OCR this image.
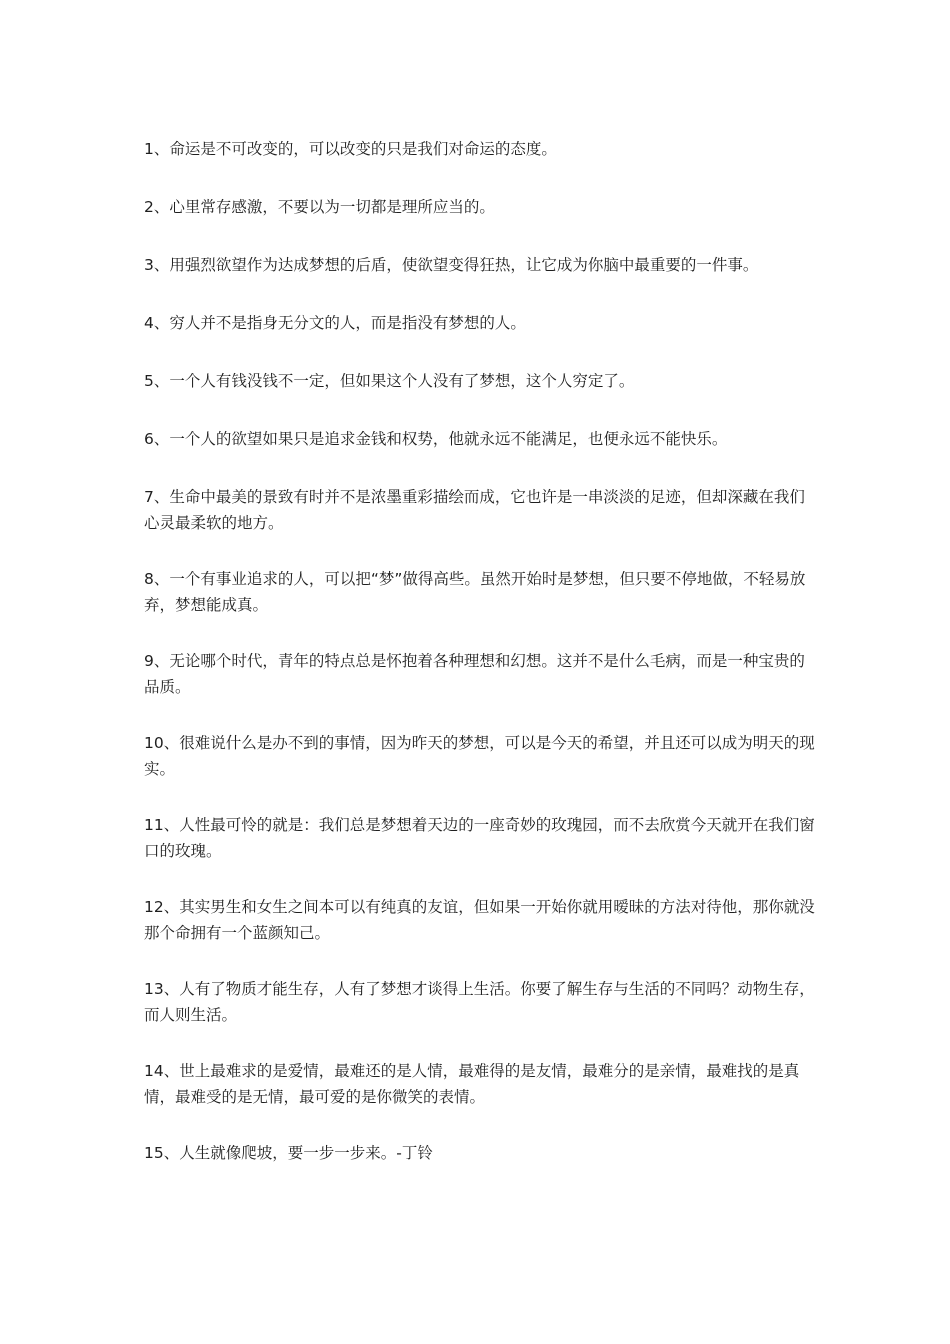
1、命运是不可改变的，可以改变的只是我们对命运的态度。
2、心里常存感激，不要以为一切都是理所应当的。
3、用强烈欲望作为达成梦想的后盾，使欲望变得狂热，让它成为你脑中最重要的一件事。
4、穷人并不是指身无分文的人，而是指没有梦想的人。
5、一个人有钱没钱不一定，但如果这个人没有了梦想，这个人穷定了。
6、一个人的欲望如果只是追求金钱和权势，他就永远不能满足，也便永远不能快乐。
7、生命中最美的景致有时并不是浓墨重彩描绘而成，它也许是一串淡淡的足迹，但却深藏在我们心灵最柔软的地方。
8、一个有事业追求的人，可以把“梦”做得高些。虽然开始时是梦想，但只要不停地做，不轻易放弃，梦想能成真。
9、无论哪个时代，青年的特点总是怀抱着各种理想和幻想。这并不是什么毛病，而是一种宝贵的品质。
10、很难说什么是办不到的事情，因为昨天的梦想，可以是今天的希望，并且还可以成为明天的现实。
11、人性最可怜的就是：我们总是梦想着天边的一座奇妙的玫瑰园，而不去欣赏今天就开在我们窗口的玫瑰。
12、其实男生和女生之间本可以有纯真的友谊，但如果一开始你就用暧昧的方法对待他，那你就没那个命拥有一个蓝颜知己。
13、人有了物质才能生存，人有了梦想才谈得上生活。你要了解生存与生活的不同吗？动物生存，而人则生活。
14、世上最难求的是爱情，最难还的是人情，最难得的是友情，最难分的是亲情，最难找的是真情，最难受的是无情，最可爱的是你微笑的表情。
15、人生就像爬坡，要一步一步来。-丁铃
